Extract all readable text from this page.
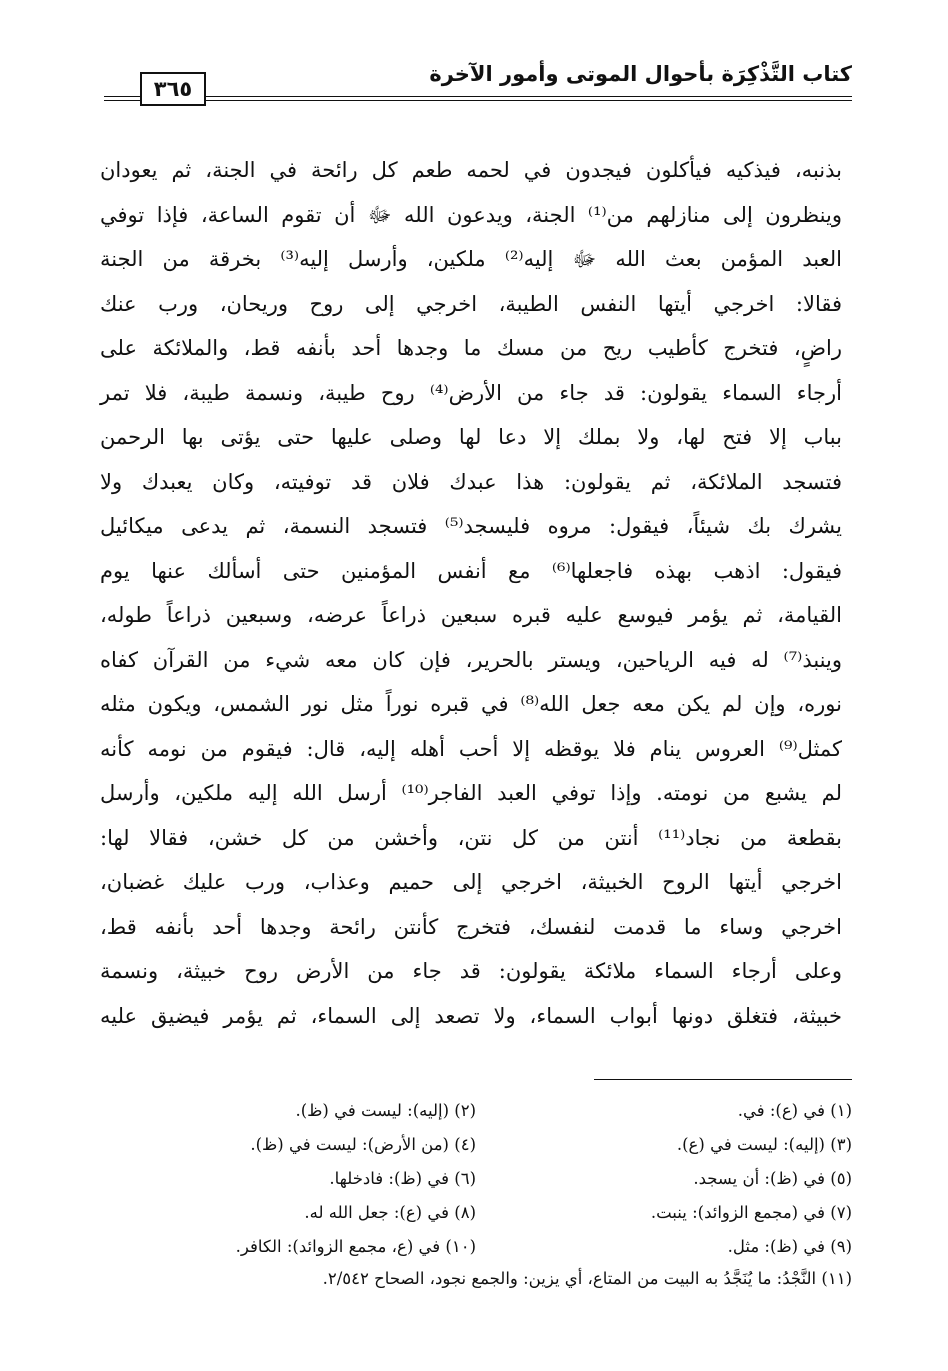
كتاب التَّذْكِرَة بأحوال الموتى وأمور الآخرة
٣٦٥
بذنبه، فيذكيه فيأكلون فيجدون في لحمه طعم كل رائحة في الجنة، ثم يعودان
وينظرون إلى منازلهم من⁽¹⁾ الجنة، ويدعون الله ﷻ أن تقوم الساعة، فإذا توفي
العبد المؤمن بعث الله ﷻ إليه⁽²⁾ ملكين، وأرسل إليه⁽³⁾ بخرقة من الجنة
فقالا: اخرجي أيتها النفس الطيبة، اخرجي إلى روح وريحان، ورب عنك
راضٍ، فتخرج كأطيب ريح من مسك ما وجدها أحد بأنفه قط، والملائكة على
أرجاء السماء يقولون: قد جاء من الأرض⁽⁴⁾ روح طيبة، ونسمة طيبة، فلا تمر
بباب إلا فتح لها، ولا بملك إلا دعا لها وصلى عليها حتى يؤتى بها الرحمن
فتسجد الملائكة، ثم يقولون: هذا عبدك فلان قد توفيته، وكان يعبدك ولا
يشرك بك شيئاً، فيقول: مروه فليسجد⁽⁵⁾ فتسجد النسمة، ثم يدعى ميكائيل
فيقول: اذهب بهذه فاجعلها⁽⁶⁾ مع أنفس المؤمنين حتى أسألك عنها يوم
القيامة، ثم يؤمر فيوسع عليه قبره سبعين ذراعاً عرضه، وسبعين ذراعاً طوله،
وينبذ⁽⁷⁾ له فيه الرياحين، ويستر بالحرير، فإن كان معه شيء من القرآن كفاه
نوره، وإن لم يكن معه جعل الله⁽⁸⁾ في قبره نوراً مثل نور الشمس، ويكون مثله
كمثل⁽⁹⁾ العروس ينام فلا يوقظه إلا أحب أهله إليه، قال: فيقوم من نومه كأنه
لم يشبع من نومته. وإذا توفي العبد الفاجر⁽¹⁰⁾ أرسل الله إليه ملكين، وأرسل
بقطعة من نجاد⁽¹¹⁾ أنتن من كل نتن، وأخشن من كل خشن، فقالا لها:
اخرجي أيتها الروح الخبيثة، اخرجي إلى حميم وعذاب، ورب عليك غضبان،
اخرجي وساء ما قدمت لنفسك، فتخرج كأنتن رائحة وجدها أحد بأنفه قط،
وعلى أرجاء السماء ملائكة يقولون: قد جاء من الأرض روح خبيثة، ونسمة
خبيثة، فتغلق دونها أبواب السماء، ولا تصعد إلى السماء، ثم يؤمر فيضيق عليه
(١) في (ع): في.
(٢) (إليه): ليست في (ظ).
(٣) (إليه): ليست في (ع).
(٤) (من الأرض): ليست في (ظ).
(٥) في (ظ): أن يسجد.
(٦) في (ظ): فادخلها.
(٧) في (مجمع الزوائد): ينبت.
(٨) في (ع): جعل الله له.
(٩) في (ظ): مثل.
(١٠) في (ع، مجمع الزوائد): الكافر.
(١١) النَّجْدُ: ما يُنَجَّدُ به البيت من المتاع، أي يزين: والجمع نجود، الصحاح ٢/٥٤٢.
